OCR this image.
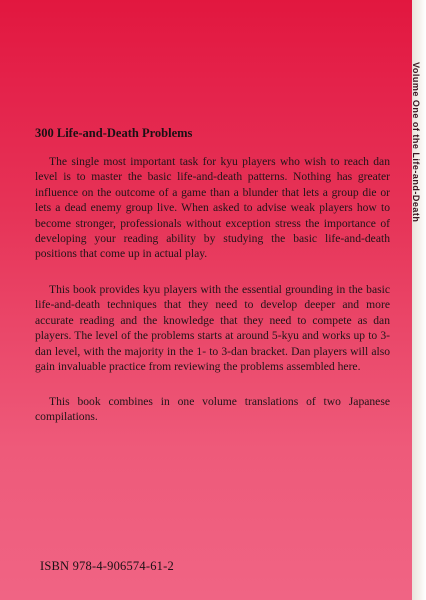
300 Life-and-Death Problems

The single most important task for kyu players who wish to reach dan level is to master the basic life-and-death patterns. Nothing has greater influence on the outcome of a game than a blunder that lets a group die or lets a dead enemy group live. When asked to advise weak players how to become stronger, professionals without exception stress the importance of developing your reading ability by studying the basic life-and-death positions that come up in actual play.

This book provides kyu players with the essential grounding in the basic life-and-death techniques that they need to develop deeper and more accurate reading and the knowledge that they need to compete as dan players. The level of the problems starts at around 5-kyu and works up to 3-dan level, with the majority in the 1- to 3-dan bracket. Dan players will also gain invaluable practice from reviewing the problems assembled here.

This book combines in one volume translations of two Japanese compilations.

ISBN 978-4-906574-61-2

Volume One of the Life-and-Death
